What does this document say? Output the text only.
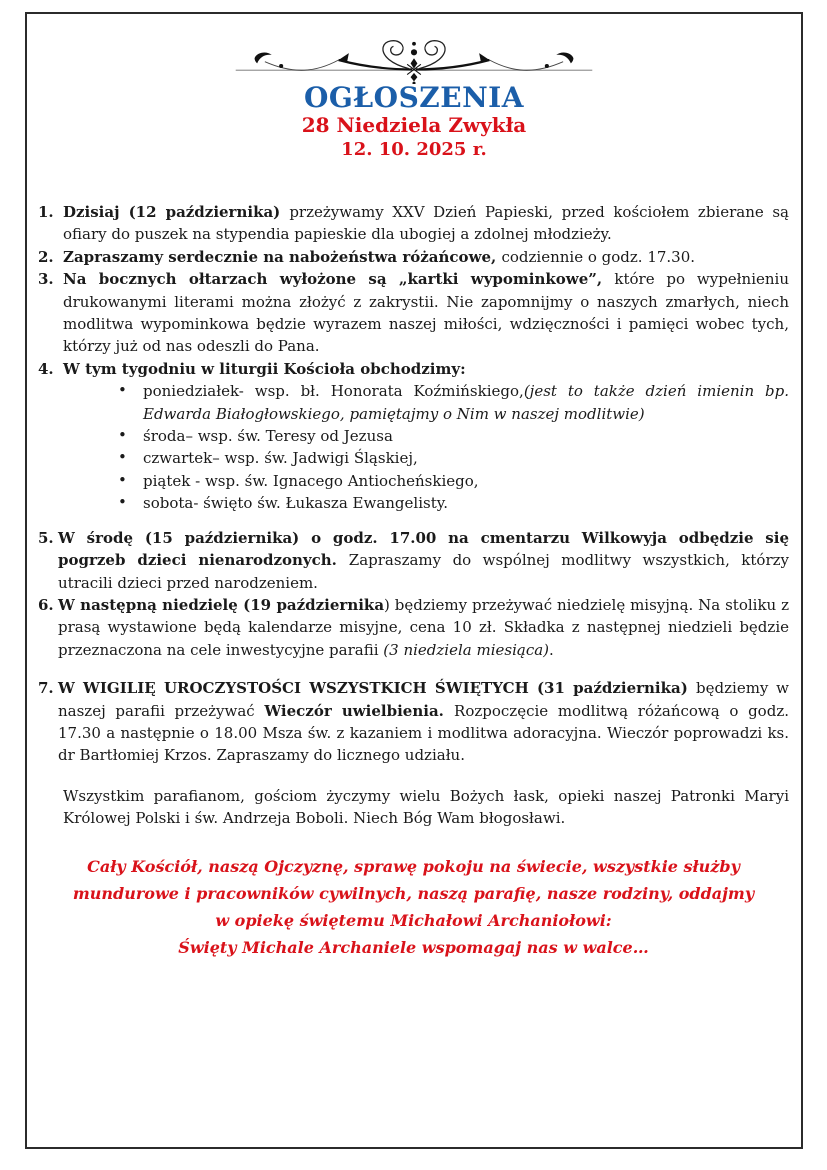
OGŁOSZENIA
28 Niedziela Zwykła
12. 10. 2025 r.
1. Dzisiaj (12 października) przeżywamy XXV Dzień Papieski, przed kościołem zbierane są ofiary do puszek na stypendia papieskie dla ubogiej a zdolnej młodzieży.
2. Zapraszamy serdecznie na nabożeństwa różańcowe, codziennie o godz. 17.30.
3. Na bocznych ołtarzach wyłożone są „kartki wypominkowe”, które po wypełnieniu drukowanymi literami można złożyć z zakrystii. Nie zapomnijmy o naszych zmarłych, niech modlitwa wypominkowa będzie wyrazem naszej miłości, wdzięczności i pamięci wobec tych, którzy już od nas odeszli do Pana.
4. W tym tygodniu w liturgii Kościoła obchodzimy:
• poniedziałek- wsp. bł. Honorata Koźmińskiego,(jest to także dzień imienin bp. Edwarda Białogłowskiego, pamiętajmy o Nim w naszej modlitwie)
• środa– wsp. św. Teresy od Jezusa
• czwartek– wsp. św. Jadwigi Śląskiej,
• piątek - wsp. św. Ignacego Antiocheńskiego,
• sobota- święto św. Łukasza Ewangelisty.
5. W środę (15 października) o godz. 17.00 na cmentarzu Wilkowyja odbędzie się pogrzeb dzieci nienarodzonych. Zapraszamy do wspólnej modlitwy wszystkich, którzy utracili dzieci przed narodzeniem.
6. W następną niedzielę (19 października) będziemy przeżywać niedzielę misyjną. Na stoliku z prasą wystawione będą kalendarze misyjne, cena 10 zł. Składka z następnej niedzieli będzie przeznaczona na cele inwestycyjne parafii (3 niedziela miesiąca).
7. W WIGILIĘ UROCZYSTOŚCI WSZYSTKICH ŚWIĘTYCH (31 października) będziemy w naszej parafii przeżywać Wieczór uwielbienia. Rozpoczęcie modlitwą różańcową o godz. 17.30 a następnie o 18.00 Msza św. z kazaniem i modlitwa adoracyjna. Wieczór poprowadzi ks. dr Bartłomiej Krzos. Zapraszamy do licznego udziału.

Wszystkim parafianom, gościom życzymy wielu Bożych łask, opieki naszej Patronki Maryi Królowej Polski i św. Andrzeja Boboli. Niech Bóg Wam błogosławi.

Cały Kościół, naszą Ojczyznę, sprawę pokoju na świecie, wszystkie służby mundurowe i pracowników cywilnych, naszą parafię, nasze rodziny, oddajmy w opiekę świętemu Michałowi Archaniołowi:

Święty Michale Archaniele wspomagaj nas w walce…
